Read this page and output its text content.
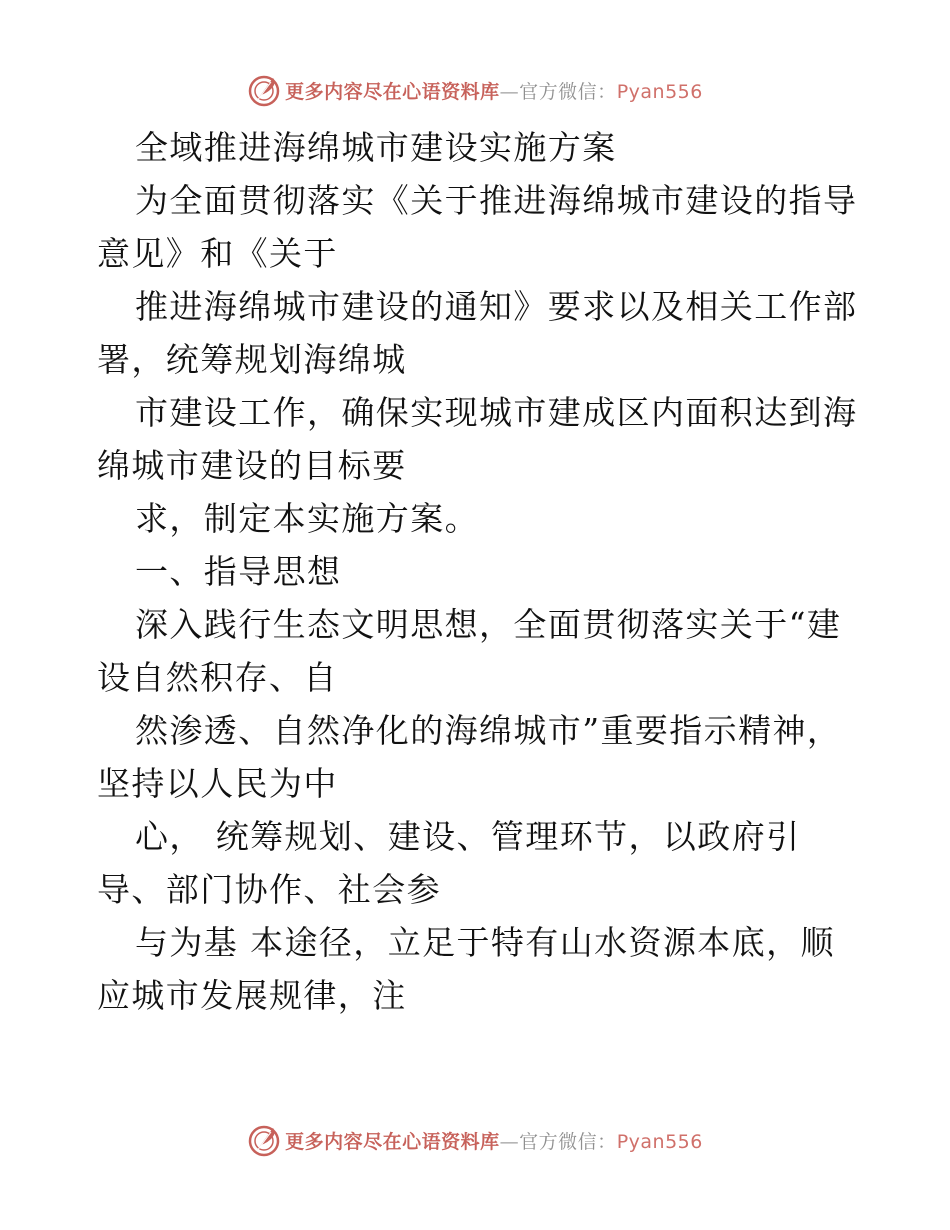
更多内容尽在心语资料库—官方微信：Pyan556
全域推进海绵城市建设实施方案
为全面贯彻落实《关于推进海绵城市建设的指导
意见》和《关于
推进海绵城市建设的通知》要求以及相关工作部
署，统筹规划海绵城
市建设工作，确保实现城市建成区内面积达到海
绵城市建设的目标要
求，制定本实施方案。
一、指导思想
深入践行生态文明思想，全面贯彻落实关于“建
设自然积存、自
然渗透、自然净化的海绵城市”重要指示精神，
坚持以人民为中
心， 统筹规划、建设、管理环节，以政府引
导、部门协作、社会参
与为基 本途径，立足于特有山水资源本底，顺
应城市发展规律，注
更多内容尽在心语资料库—官方微信：Pyan556
